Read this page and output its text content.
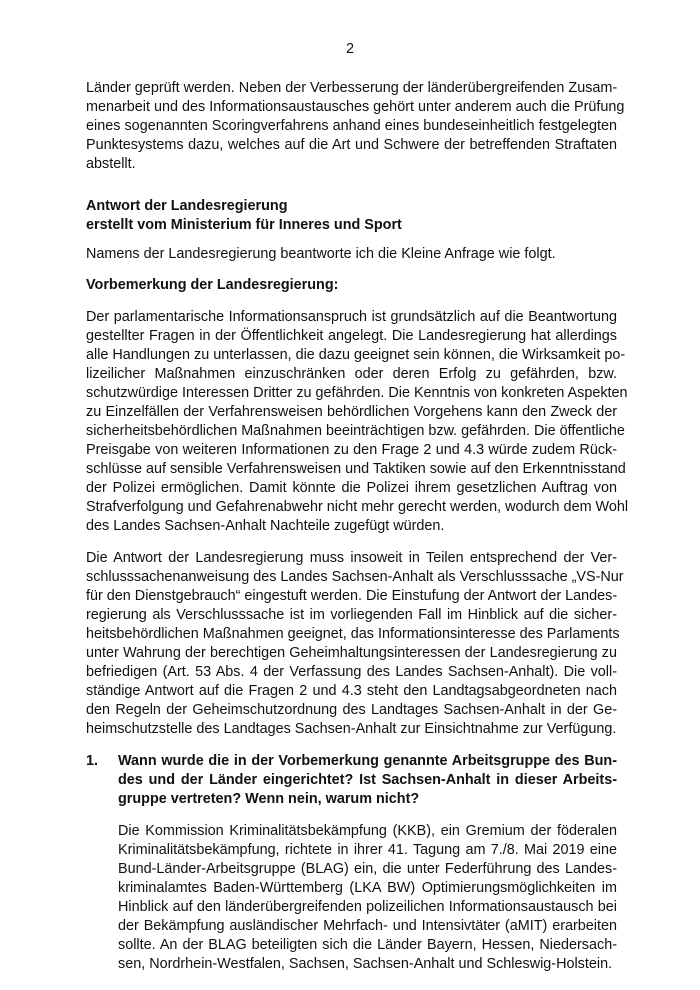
2
Länder geprüft werden. Neben der Verbesserung der länderübergreifenden Zusam-
menarbeit und des Informationsaustausches gehört unter anderem auch die Prüfung
eines sogenannten Scoringverfahrens anhand eines bundeseinheitlich festgelegten
Punktesystems dazu, welches auf die Art und Schwere der betreffenden Straftaten
abstellt.
Antwort der Landesregierung
erstellt vom Ministerium für Inneres und Sport
Namens der Landesregierung beantworte ich die Kleine Anfrage wie folgt.
Vorbemerkung der Landesregierung:
Der parlamentarische Informationsanspruch ist grundsätzlich auf die Beantwortung
gestellter Fragen in der Öffentlichkeit angelegt. Die Landesregierung hat allerdings
alle Handlungen zu unterlassen, die dazu geeignet sein können, die Wirksamkeit po-
lizeilicher Maßnahmen einzuschränken oder deren Erfolg zu gefährden, bzw.
schutzwürdige Interessen Dritter zu gefährden. Die Kenntnis von konkreten Aspekten
zu Einzelfällen der Verfahrensweisen behördlichen Vorgehens kann den Zweck der
sicherheitsbehördlichen Maßnahmen beeinträchtigen bzw. gefährden. Die öffentliche
Preisgabe von weiteren Informationen zu den Frage 2 und 4.3 würde zudem Rück-
schlüsse auf sensible Verfahrensweisen und Taktiken sowie auf den Erkenntnisstand
der Polizei ermöglichen. Damit könnte die Polizei ihrem gesetzlichen Auftrag von
Strafverfolgung und Gefahrenabwehr nicht mehr gerecht werden, wodurch dem Wohl
des Landes Sachsen-Anhalt Nachteile zugefügt würden.
Die Antwort der Landesregierung muss insoweit in Teilen entsprechend der Ver-
schlusssachenanweisung des Landes Sachsen-Anhalt als Verschlusssache „VS-Nur
für den Dienstgebrauch“ eingestuft werden. Die Einstufung der Antwort der Landes-
regierung als Verschlusssache ist im vorliegenden Fall im Hinblick auf die sicher-
heitsbehördlichen Maßnahmen geeignet, das Informationsinteresse des Parlaments
unter Wahrung der berechtigen Geheimhaltungsinteressen der Landesregierung zu
befriedigen (Art. 53 Abs. 4 der Verfassung des Landes Sachsen-Anhalt). Die voll-
ständige Antwort auf die Fragen 2 und 4.3 steht den Landtagsabgeordneten nach
den Regeln der Geheimschutzordnung des Landtages Sachsen-Anhalt in der Ge-
heimschutzstelle des Landtages Sachsen-Anhalt zur Einsichtnahme zur Verfügung.
1. Wann wurde die in der Vorbemerkung genannte Arbeitsgruppe des Bun-
des und der Länder eingerichtet? Ist Sachsen-Anhalt in dieser Arbeits-
gruppe vertreten? Wenn nein, warum nicht?
Die Kommission Kriminalitätsbekämpfung (KKB), ein Gremium der föderalen
Kriminalitätsbekämpfung, richtete in ihrer 41. Tagung am 7./8. Mai 2019 eine
Bund-Länder-Arbeitsgruppe (BLAG) ein, die unter Federführung des Landes-
kriminalamtes Baden-Württemberg (LKA BW) Optimierungsmöglichkeiten im
Hinblick auf den länderübergreifenden polizeilichen Informationsaustausch bei
der Bekämpfung ausländischer Mehrfach- und Intensivtäter (aMIT) erarbeiten
sollte. An der BLAG beteiligten sich die Länder Bayern, Hessen, Niedersach-
sen, Nordrhein-Westfalen, Sachsen, Sachsen-Anhalt und Schleswig-Holstein.
